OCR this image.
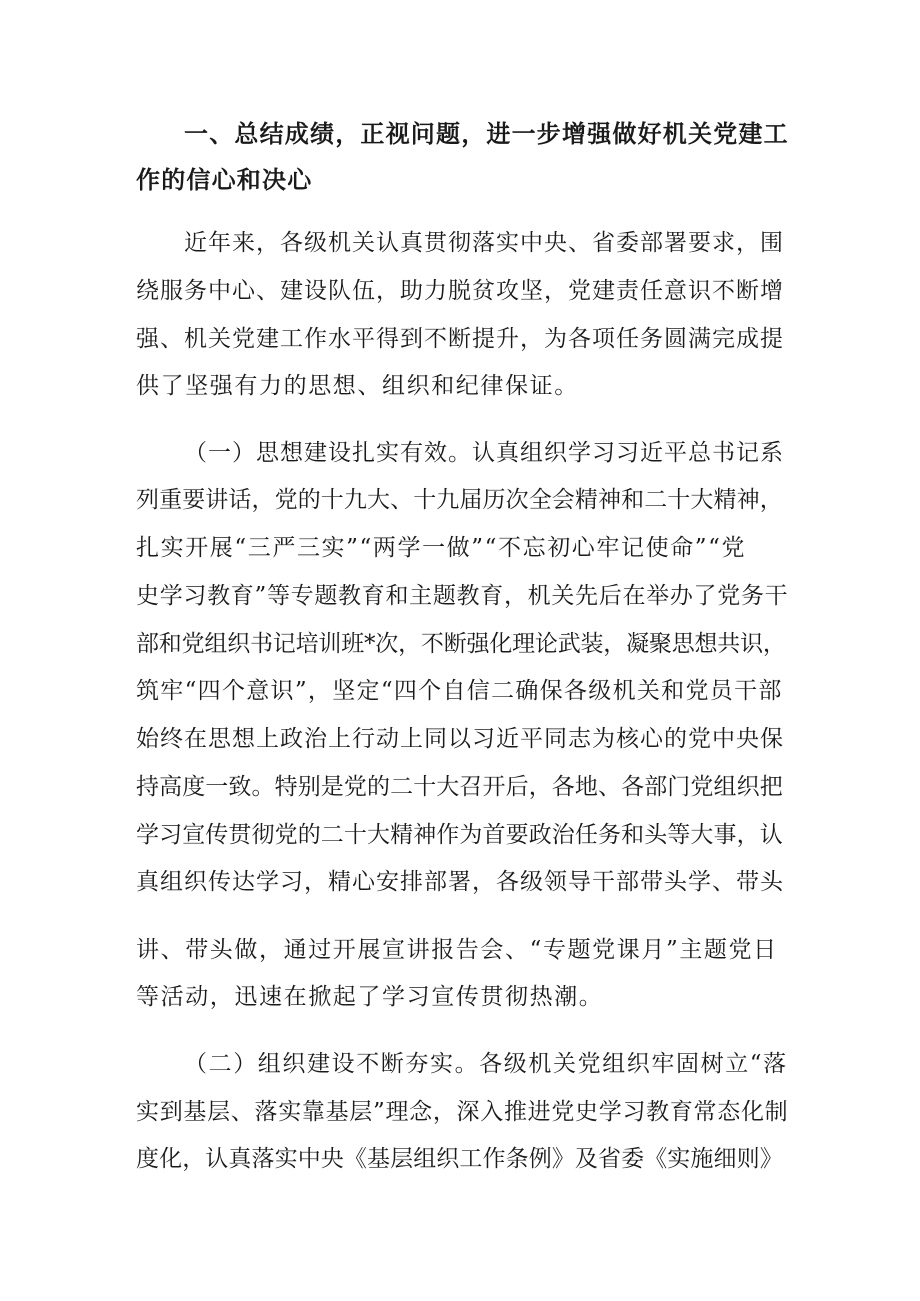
一、总结成绩，正视问题，进一步增强做好机关党建工
作的信心和决心
近年来，各级机关认真贯彻落实中央、省委部署要求，围
绕服务中心、建设队伍，助力脱贫攻坚，党建责任意识不断增
强、机关党建工作水平得到不断提升，为各项任务圆满完成提
供了坚强有力的思想、组织和纪律保证。
（一）思想建设扎实有效。认真组织学习习近平总书记系
列重要讲话，党的十九大、十九届历次全会精神和二十大精神，
扎实开展“三严三实”“两学一做”“不忘初心牢记使命”“党
史学习教育”等专题教育和主题教育，机关先后在举办了党务干
部和党组织书记培训班*次，不断强化理论武装，凝聚思想共识，
筑牢“四个意识”，坚定“四个自信二确保各级机关和党员干部
始终在思想上政治上行动上同以习近平同志为核心的党中央保
持高度一致。特别是党的二十大召开后，各地、各部门党组织把
学习宣传贯彻党的二十大精神作为首要政治任务和头等大事，认
真组织传达学习，精心安排部署，各级领导干部带头学、带头
讲、带头做，通过开展宣讲报告会、“专题党课月”主题党日
等活动，迅速在掀起了学习宣传贯彻热潮。
（二）组织建设不断夯实。各级机关党组织牢固树立“落
实到基层、落实靠基层”理念，深入推进党史学习教育常态化制
度化，认真落实中央《基层组织工作条例》及省委《实施细则》
